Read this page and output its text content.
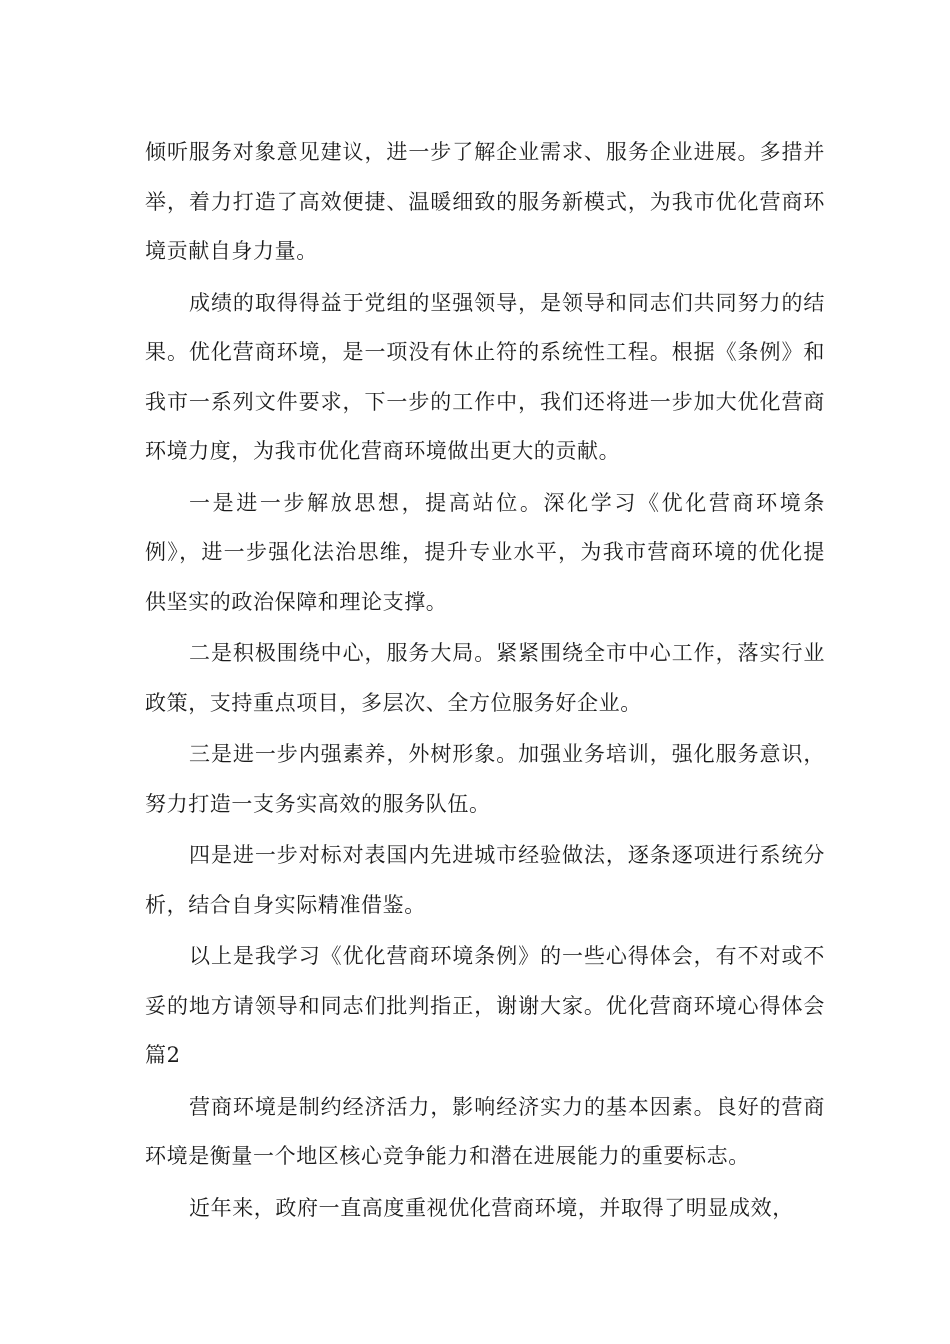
倾听服务对象意见建议，进一步了解企业需求、服务企业进展。多措并举，着力打造了高效便捷、温暖细致的服务新模式，为我市优化营商环境贡献自身力量。

成绩的取得得益于党组的坚强领导，是领导和同志们共同努力的结果。优化营商环境，是一项没有休止符的系统性工程。根据《条例》和我市一系列文件要求，下一步的工作中，我们还将进一步加大优化营商环境力度，为我市优化营商环境做出更大的贡献。

一是进一步解放思想，提高站位。深化学习《优化营商环境条例》，进一步强化法治思维，提升专业水平，为我市营商环境的优化提供坚实的政治保障和理论支撑。

二是积极围绕中心，服务大局。紧紧围绕全市中心工作，落实行业政策，支持重点项目，多层次、全方位服务好企业。

三是进一步内强素养，外树形象。加强业务培训，强化服务意识，努力打造一支务实高效的服务队伍。

四是进一步对标对表国内先进城市经验做法，逐条逐项进行系统分析，结合自身实际精准借鉴。

以上是我学习《优化营商环境条例》的一些心得体会，有不对或不妥的地方请领导和同志们批判指正，谢谢大家。优化营商环境心得体会篇2

营商环境是制约经济活力，影响经济实力的基本因素。良好的营商环境是衡量一个地区核心竞争能力和潜在进展能力的重要标志。

近年来，政府一直高度重视优化营商环境，并取得了明显成效，
